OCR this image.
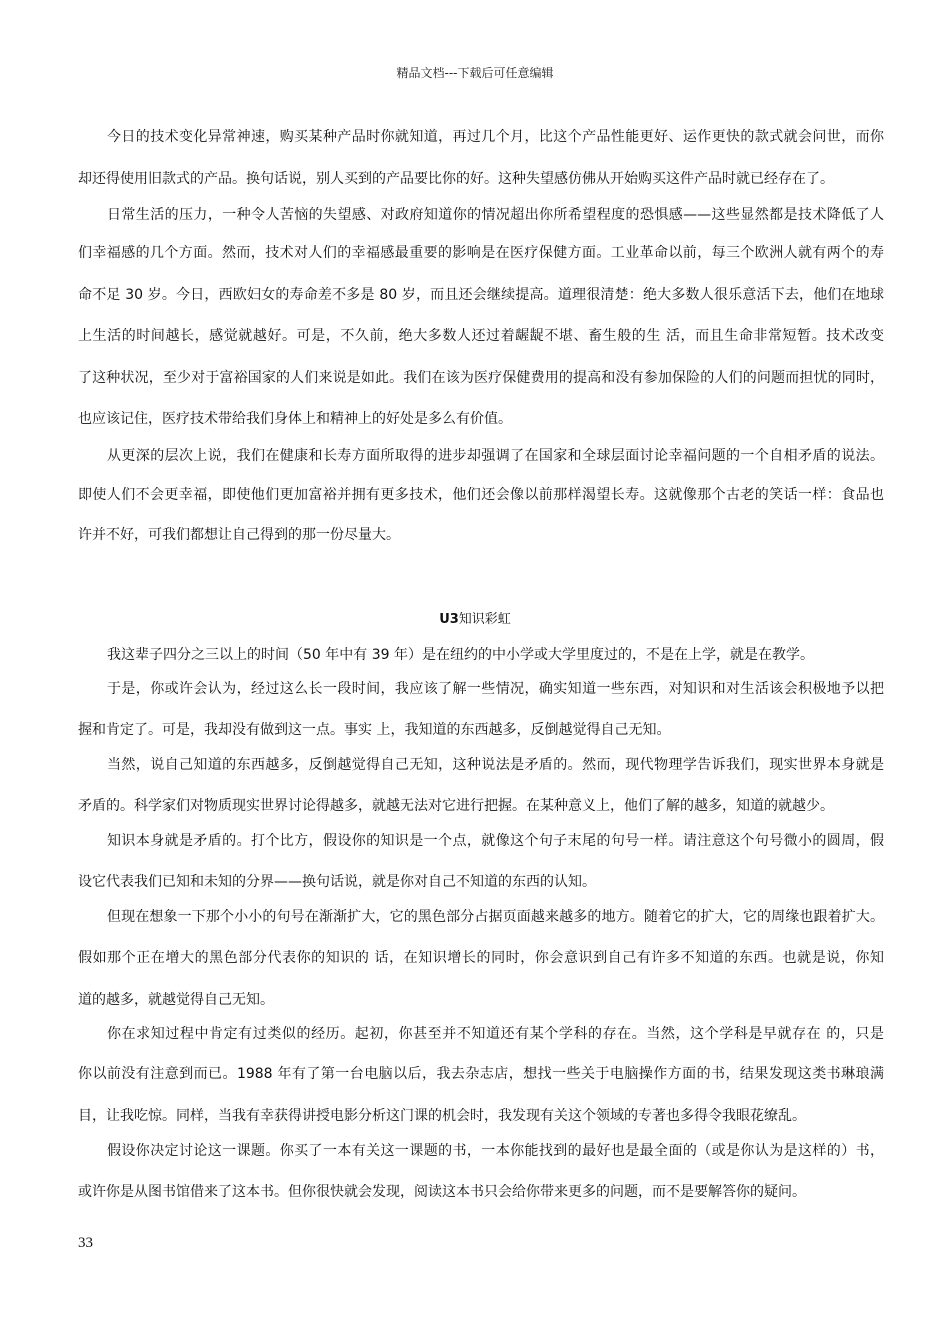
精品文档---下载后可任意编辑
今日的技术变化异常神速，购买某种产品时你就知道，再过几个月，比这个产品性能更好、运作更快的款式就会问世，而你
却还得使用旧款式的产品。换句话说，别人买到的产品要比你的好。这种失望感仿佛从开始购买这件产品时就已经存在了。
日常生活的压力，一种令人苦恼的失望感、对政府知道你的情况超出你所希望程度的恐惧感——这些显然都是技术降低了人
们幸福感的几个方面。然而，技术对人们的幸福感最重要的影响是在医疗保健方面。工业革命以前，每三个欧洲人就有两个的寿
命不足 30 岁。今日，西欧妇女的寿命差不多是 80 岁，而且还会继续提高。道理很清楚：绝大多数人很乐意活下去，他们在地球
上生活的时间越长，感觉就越好。可是，不久前，绝大多数人还过着龌龊不堪、畜生般的生 活，而且生命非常短暂。技术改变
了这种状况，至少对于富裕国家的人们来说是如此。我们在该为医疗保健费用的提高和没有参加保险的人们的问题而担忧的同时，
也应该记住，医疗技术带给我们身体上和精神上的好处是多么有价值。
从更深的层次上说，我们在健康和长寿方面所取得的进步却强调了在国家和全球层面讨论幸福问题的一个自相矛盾的说法。
即使人们不会更幸福，即使他们更加富裕并拥有更多技术，他们还会像以前那样渴望长寿。这就像那个古老的笑话一样：食品也
许并不好，可我们都想让自己得到的那一份尽量大。
U3知识彩虹
我这辈子四分之三以上的时间（50 年中有 39 年）是在纽约的中小学或大学里度过的，不是在上学，就是在教学。
于是，你或许会认为，经过这么长一段时间，我应该了解一些情况，确实知道一些东西，对知识和对生活该会积极地予以把
握和肯定了。可是，我却没有做到这一点。事实 上，我知道的东西越多，反倒越觉得自己无知。
当然，说自己知道的东西越多，反倒越觉得自己无知，这种说法是矛盾的。然而，现代物理学告诉我们，现实世界本身就是
矛盾的。科学家们对物质现实世界讨论得越多，就越无法对它进行把握。在某种意义上，他们了解的越多，知道的就越少。
知识本身就是矛盾的。打个比方，假设你的知识是一个点，就像这个句子末尾的句号一样。请注意这个句号微小的圆周，假
设它代表我们已知和未知的分界——换句话说，就是你对自己不知道的东西的认知。
但现在想象一下那个小小的句号在渐渐扩大，它的黑色部分占据页面越来越多的地方。随着它的扩大，它的周缘也跟着扩大。
假如那个正在增大的黑色部分代表你的知识的 话，在知识增长的同时，你会意识到自己有许多不知道的东西。也就是说，你知
道的越多，就越觉得自己无知。
你在求知过程中肯定有过类似的经历。起初，你甚至并不知道还有某个学科的存在。当然，这个学科是早就存在 的，只是
你以前没有注意到而已。1988 年有了第一台电脑以后，我去杂志店，想找一些关于电脑操作方面的书，结果发现这类书琳琅满
目，让我吃惊。同样，当我有幸获得讲授电影分析这门课的机会时，我发现有关这个领域的专著也多得令我眼花缭乱。
假设你决定讨论这一课题。你买了一本有关这一课题的书，一本你能找到的最好也是最全面的（或是你认为是这样的）书，
或许你是从图书馆借来了这本书。但你很快就会发现，阅读这本书只会给你带来更多的问题，而不是要解答你的疑问。
33
